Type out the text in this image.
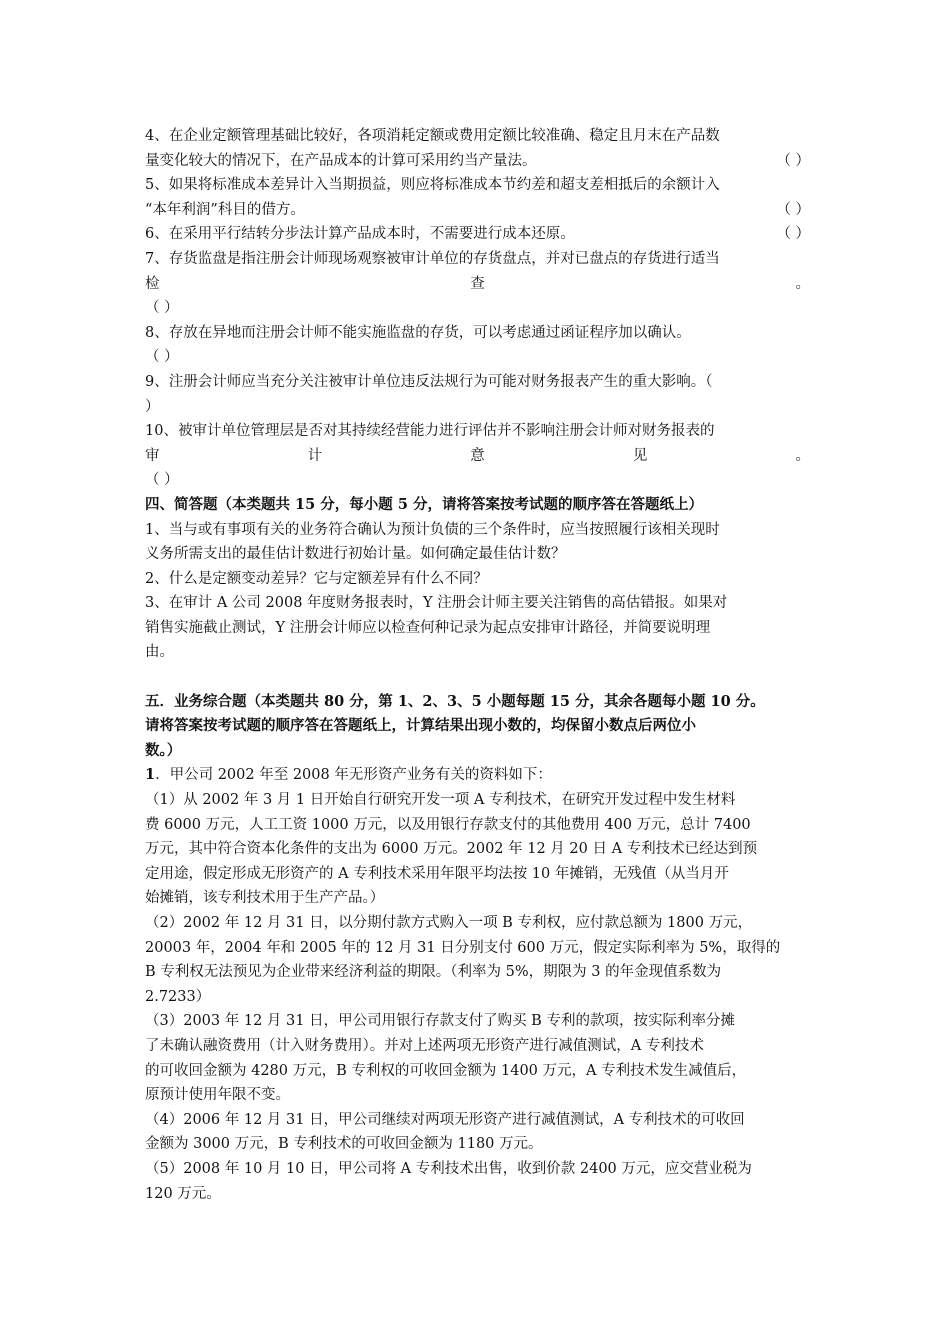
4、在企业定额管理基础比较好，各项消耗定额或费用定额比较准确、稳定且月末在产品数
量变化较大的情况下，在产品成本的计算可采用约当产量法。	（ ）
5、如果将标准成本差异计入当期损益，则应将标准成本节约差和超支差相抵后的余额计入
“本年利润”科目的借方。	（ ）
6、在采用平行结转分步法计算产品成本时，不需要进行成本还原。	（ ）
7、存货监盘是指注册会计师现场观察被审计单位的存货盘点，并对已盘点的存货进行适当
检	查	。
（ ）
8、存放在异地而注册会计师不能实施监盘的存货，可以考虑通过函证程序加以确认。
（ ）
9、注册会计师应当充分关注被审计单位违反法规行为可能对财务报表产生的重大影响。（
）
10、被审计单位管理层是否对其持续经营能力进行评估并不影响注册会计师对财务报表的
审	计	意	见	。
（ ）
四、简答题（本类题共 15 分，每小题 5 分，请将答案按考试题的顺序答在答题纸上）
1、当与或有事项有关的业务符合确认为预计负债的三个条件时，应当按照履行该相关现时
义务所需支出的最佳估计数进行初始计量。如何确定最佳估计数？
2、什么是定额变动差异？它与定额差异有什么不同？
3、在审计 A 公司 2008 年度财务报表时，Y 注册会计师主要关注销售的高估错报。如果对
销售实施截止测试，Y 注册会计师应以检查何种记录为起点安排审计路径，并简要说明理
由。
五．业务综合题（本类题共 80 分，第 1、2、3、5 小题每题 15 分，其余各题每小题 10 分。
请将答案按考试题的顺序答在答题纸上，计算结果出现小数的，均保留小数点后两位小
数。）
1．甲公司 2002 年至 2008 年无形资产业务有关的资料如下：
（1）从 2002 年 3 月 1 日开始自行研究开发一项 A 专利技术，在研究开发过程中发生材料
费 6000 万元，人工工资 1000 万元，以及用银行存款支付的其他费用 400 万元，总计 7400
万元，其中符合资本化条件的支出为 6000 万元。2002 年 12 月 20 日 A 专利技术已经达到预
定用途，假定形成无形资产的 A 专利技术采用年限平均法按 10 年摊销，无残值（从当月开
始摊销，该专利技术用于生产产品。）
（2）2002 年 12 月 31 日，以分期付款方式购入一项 B 专利权，应付款总额为 1800 万元，
20003 年，2004 年和 2005 年的 12 月 31 日分别支付 600 万元，假定实际利率为 5%，取得的
B 专利权无法预见为企业带来经济利益的期限。（利率为 5%，期限为 3 的年金现值系数为
2.7233）
（3）2003 年 12 月 31 日，甲公司用银行存款支付了购买 B 专利的款项，按实际利率分摊
了未确认融资费用（计入财务费用）。并对上述两项无形资产进行减值测试，A 专利技术
的可收回金额为 4280 万元，B 专利权的可收回金额为 1400 万元，A 专利技术发生减值后，
原预计使用年限不变。
（4）2006 年 12 月 31 日，甲公司继续对两项无形资产进行减值测试，A 专利技术的可收回
金额为 3000 万元，B 专利技术的可收回金额为 1180 万元。
（5）2008 年 10 月 10 日，甲公司将 A 专利技术出售，收到价款 2400 万元，应交营业税为
120 万元。
